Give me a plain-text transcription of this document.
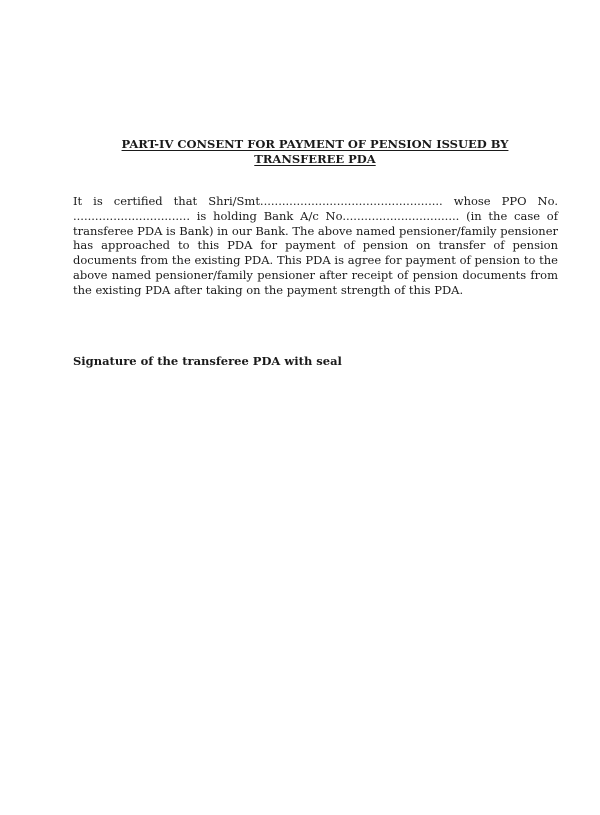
PART-IV CONSENT FOR PAYMENT OF PENSION ISSUED BY
TRANSFEREE PDA

It is certified that Shri/Smt.................................................. whose PPO No. ................................ is holding Bank A/c No................................ (in the case of transferee PDA is Bank) in our Bank. The above named pensioner/family pensioner has approached to this PDA for payment of pension on transfer of pension documents from the existing PDA. This PDA is agree for payment of pension to the above named pensioner/family pensioner after receipt of pension documents from the existing PDA after taking on the payment strength of this PDA.

Signature of the transferee PDA with seal
